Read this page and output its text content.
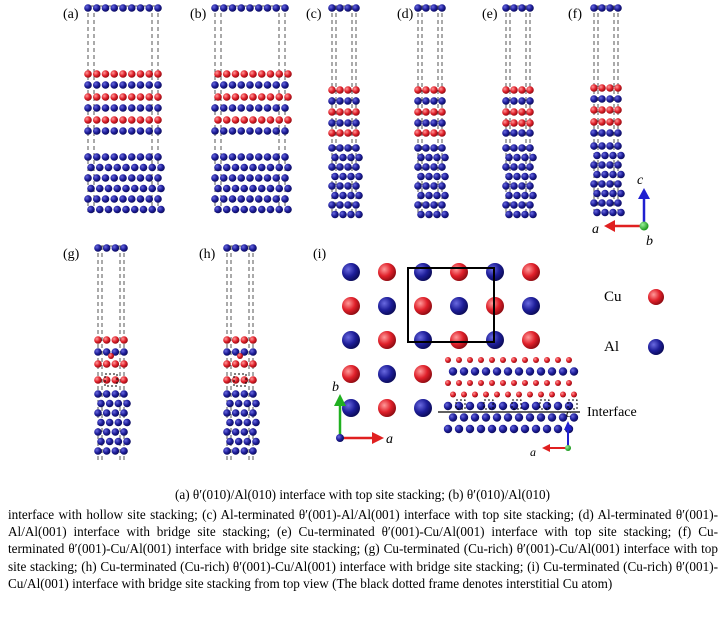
(a)	(b)	(c)	(d)	(e)	(f)
(g)	(h)	(i)
c
a
b
Interface
b
a
c
a
Cu
Al
(a) θ′(010)/Al(010) interface with top site stacking; (b) θ′(010)/Al(010)
interface with hollow site stacking; (c) Al-terminated θ′(001)-Al/Al(001) interface with top site stacking; (d) Al-terminated θ′(001)-Al/Al(001) interface with bridge site stacking; (e) Cu-terminated θ′(001)-Cu/Al(001) interface with top site stacking; (f) Cu-terminated θ′(001)-Cu/Al(001) interface with bridge site stacking; (g) Cu-terminated (Cu-rich) θ′(001)-Cu/Al(001) interface with top site stacking; (h) Cu-terminated (Cu-rich) θ′(001)-Cu/Al(001) interface with bridge site stacking; (i) Cu-terminated (Cu-rich) θ′(001)-Cu/Al(001) interface with bridge site stacking from top view (The black dotted frame denotes interstitial Cu atom)
